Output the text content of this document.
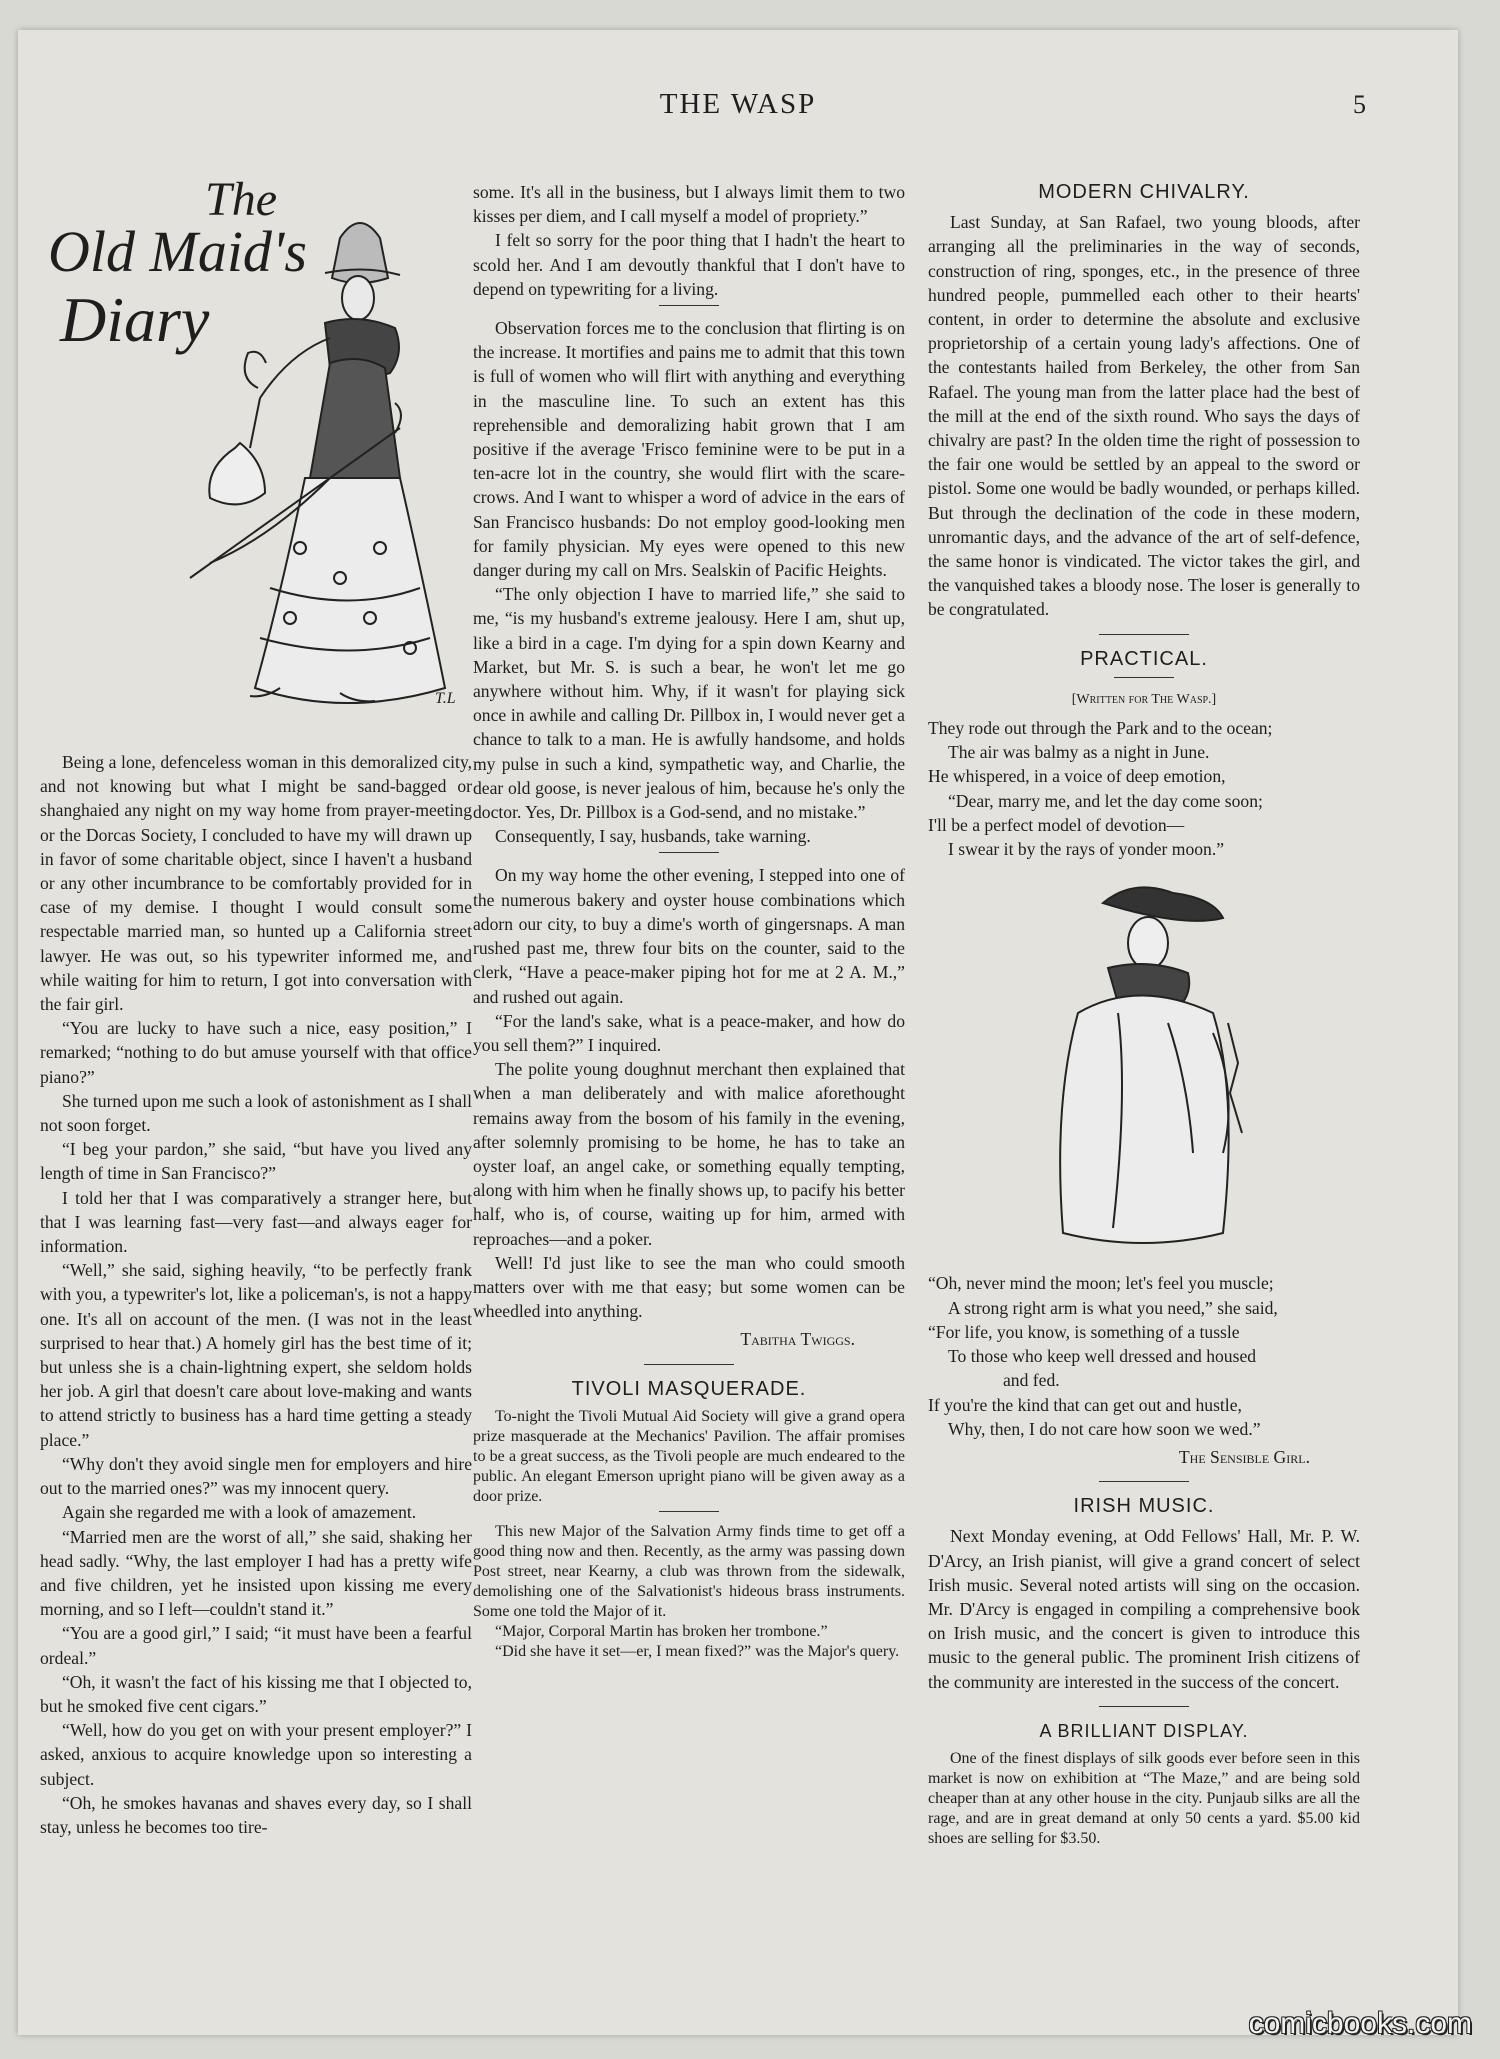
THE WASP	5
The
Old Maid's
Diary
T.L

Being a lone, defenceless woman in this demoralized city, and not knowing but what I might be sand-bagged or shanghaied any night on my way home from prayer-meeting or the Dorcas Society, I concluded to have my will drawn up in favor of some charitable object, since I haven't a husband or any other incumbrance to be comfortably provided for in case of my demise. I thought I would consult some respectable married man, so hunted up a California street lawyer. He was out, so his typewriter informed me, and while waiting for him to return, I got into conversation with the fair girl.

“You are lucky to have such a nice, easy position,” I remarked; “nothing to do but amuse yourself with that office piano?”

She turned upon me such a look of astonishment as I shall not soon forget.

“I beg your pardon,” she said, “but have you lived any length of time in San Francisco?”

I told her that I was comparatively a stranger here, but that I was learning fast—very fast—and always eager for information.

“Well,” she said, sighing heavily, “to be perfectly frank with you, a typewriter's lot, like a policeman's, is not a happy one. It's all on account of the men. (I was not in the least surprised to hear that.) A homely girl has the best time of it; but unless she is a chain-lightning expert, she seldom holds her job. A girl that doesn't care about love-making and wants to attend strictly to business has a hard time getting a steady place.”

“Why don't they avoid single men for employers and hire out to the married ones?” was my innocent query.

Again she regarded me with a look of amazement.

“Married men are the worst of all,” she said, shaking her head sadly. “Why, the last employer I had has a pretty wife and five children, yet he insisted upon kissing me every morning, and so I left—couldn't stand it.”

“You are a good girl,” I said; “it must have been a fearful ordeal.”

“Oh, it wasn't the fact of his kissing me that I objected to, but he smoked five cent cigars.”

“Well, how do you get on with your present employer?” I asked, anxious to acquire knowledge upon so interesting a subject.

“Oh, he smokes havanas and shaves every day, so I shall stay, unless he becomes too tire-

some. It's all in the business, but I always limit them to two kisses per diem, and I call myself a model of propriety.”

I felt so sorry for the poor thing that I hadn't the heart to scold her. And I am devoutly thankful that I don't have to depend on typewriting for a living.

Observation forces me to the conclusion that flirting is on the increase. It mortifies and pains me to admit that this town is full of women who will flirt with anything and everything in the masculine line. To such an extent has this reprehensible and demoralizing habit grown that I am positive if the average 'Frisco feminine were to be put in a ten-acre lot in the country, she would flirt with the scare-crows. And I want to whisper a word of advice in the ears of San Francisco husbands: Do not employ good-looking men for family physician. My eyes were opened to this new danger during my call on Mrs. Sealskin of Pacific Heights.

“The only objection I have to married life,” she said to me, “is my husband's extreme jealousy. Here I am, shut up, like a bird in a cage. I'm dying for a spin down Kearny and Market, but Mr. S. is such a bear, he won't let me go anywhere without him. Why, if it wasn't for playing sick once in awhile and calling Dr. Pillbox in, I would never get a chance to talk to a man. He is awfully handsome, and holds my pulse in such a kind, sympathetic way, and Charlie, the dear old goose, is never jealous of him, because he's only the doctor. Yes, Dr. Pillbox is a God-send, and no mistake.”

Consequently, I say, husbands, take warning.

On my way home the other evening, I stepped into one of the numerous bakery and oyster house combinations which adorn our city, to buy a dime's worth of gingersnaps. A man rushed past me, threw four bits on the counter, said to the clerk, “Have a peace-maker piping hot for me at 2 A. M.,” and rushed out again.

“For the land's sake, what is a peace-maker, and how do you sell them?” I inquired.

The polite young doughnut merchant then explained that when a man deliberately and with malice aforethought remains away from the bosom of his family in the evening, after solemnly promising to be home, he has to take an oyster loaf, an angel cake, or something equally tempting, along with him when he finally shows up, to pacify his better half, who is, of course, waiting up for him, armed with reproaches—and a poker.

Well! I'd just like to see the man who could smooth matters over with me that easy; but some women can be wheedled into anything.

Tabitha Twiggs.
TIVOLI MASQUERADE.

To-night the Tivoli Mutual Aid Society will give a grand opera prize masquerade at the Mechanics' Pavilion. The affair promises to be a great success, as the Tivoli people are much endeared to the public. An elegant Emerson upright piano will be given away as a door prize.

This new Major of the Salvation Army finds time to get off a good thing now and then. Recently, as the army was passing down Post street, near Kearny, a club was thrown from the sidewalk, demolishing one of the Salvationist's hideous brass instruments. Some one told the Major of it.

“Major, Corporal Martin has broken her trombone.”

“Did she have it set—er, I mean fixed?” was the Major's query.

MODERN CHIVALRY.

Last Sunday, at San Rafael, two young bloods, after arranging all the preliminaries in the way of seconds, construction of ring, sponges, etc., in the presence of three hundred people, pummelled each other to their hearts' content, in order to determine the absolute and exclusive proprietorship of a certain young lady's affections. One of the contestants hailed from Berkeley, the other from San Rafael. The young man from the latter place had the best of the mill at the end of the sixth round. Who says the days of chivalry are past? In the olden time the right of possession to the fair one would be settled by an appeal to the sword or pistol. Some one would be badly wounded, or perhaps killed. But through the declination of the code in these modern, unromantic days, and the advance of the art of self-defence, the same honor is vindicated. The victor takes the girl, and the vanquished takes a bloody nose. The loser is generally to be congratulated.

PRACTICAL.
[Written for The Wasp.]
They rode out through the Park and to the ocean;
The air was balmy as a night in June.
He whispered, in a voice of deep emotion,
“Dear, marry me, and let the day come soon;
I'll be a perfect model of devotion—
I swear it by the rays of yonder moon.”
“Oh, never mind the moon; let's feel you muscle;
A strong right arm is what you need,” she said,
“For life, you know, is something of a tussle
To those who keep well dressed and housed
and fed.
If you're the kind that can get out and hustle,
Why, then, I do not care how soon we wed.”
The Sensible Girl.
IRISH MUSIC.

Next Monday evening, at Odd Fellows' Hall, Mr. P. W. D'Arcy, an Irish pianist, will give a grand concert of select Irish music. Several noted artists will sing on the occasion. Mr. D'Arcy is engaged in compiling a comprehensive book on Irish music, and the concert is given to introduce this music to the general public. The prominent Irish citizens of the community are interested in the success of the concert.

A BRILLIANT DISPLAY.

One of the finest displays of silk goods ever before seen in this market is now on exhibition at “The Maze,” and are being sold cheaper than at any other house in the city. Punjaub silks are all the rage, and are in great demand at only 50 cents a yard. $5.00 kid shoes are selling for $3.50.

comicbooks.com
